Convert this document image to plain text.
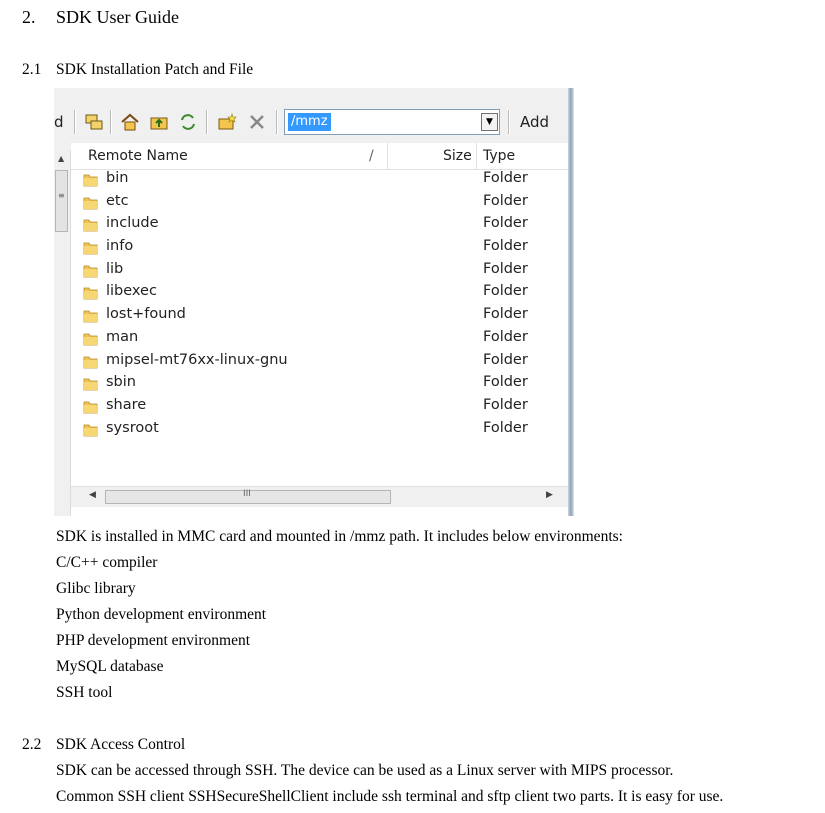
2. SDK User Guide
2.1 SDK Installation Patch and File
d	/mmz	▼	Add
▲
≡
Remote Name	/	Size Type
bin	Folder
etc	Folder
include	Folder
info	Folder
lib	Folder
libexec	Folder
lost+found	Folder
man	Folder
mipsel-mt76xx-linux-gnu	Folder
sbin	Folder
share	Folder
sysroot	Folder
◀	III	▶
SDK is installed in MMC card and mounted in /mmz path. It includes below environments:
C/C++ compiler
Glibc library
Python development environment
PHP development environment
MySQL database
SSH tool
2.2 SDK Access Control
SDK can be accessed through SSH. The device can be used as a Linux server with MIPS processor.
Common SSH client SSHSecureShellClient include ssh terminal and sftp client two parts. It is easy for use.
